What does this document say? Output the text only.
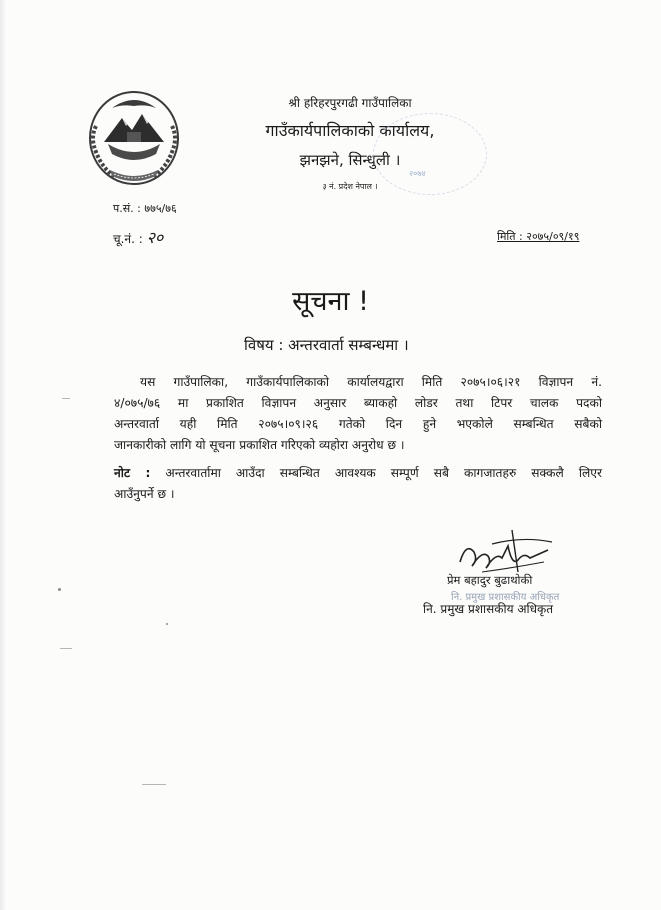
श्री हरिहरपुरगढी गाउँपालिका
गाउँकार्यपालिकाको कार्यालय,
झनझने, सिन्धुली ।
३ नं. प्रदेश नेपाल ।
२०७४
प.सं. : ७७५/७६
चू.नं. : २०	मिति : २०७५/०९/१९
सूचना !
विषय : अन्तरवार्ता सम्बन्धमा ।
यस गाउँपालिका, गाउँकार्यपालिकाको कार्यालयद्वारा मिति २०७५।०६।२१ विज्ञापन नं.
४/०७५/७६ मा प्रकाशित विज्ञापन अनुसार ब्याकहो लोडर तथा टिपर चालक पदको
अन्तरवार्ता यही मिति २०७५।०९।२६ गतेको दिन हुने भएकोले सम्बन्धित सबैको
जानकारीको लागि यो सूचना प्रकाशित गरिएको व्यहोरा अनुरोध छ ।
नोट : अन्तरवार्तामा आउँदा सम्बन्धित आवश्यक सम्पूर्ण सबै कागजातहरु सक्कलै लिएर
आउँनुपर्ने छ ।
प्रेम बहादुर बुढाथोकी
नि. प्रमुख प्रशासकीय अधिकृत
नि. प्रमुख प्रशासकीय अधिकृत
